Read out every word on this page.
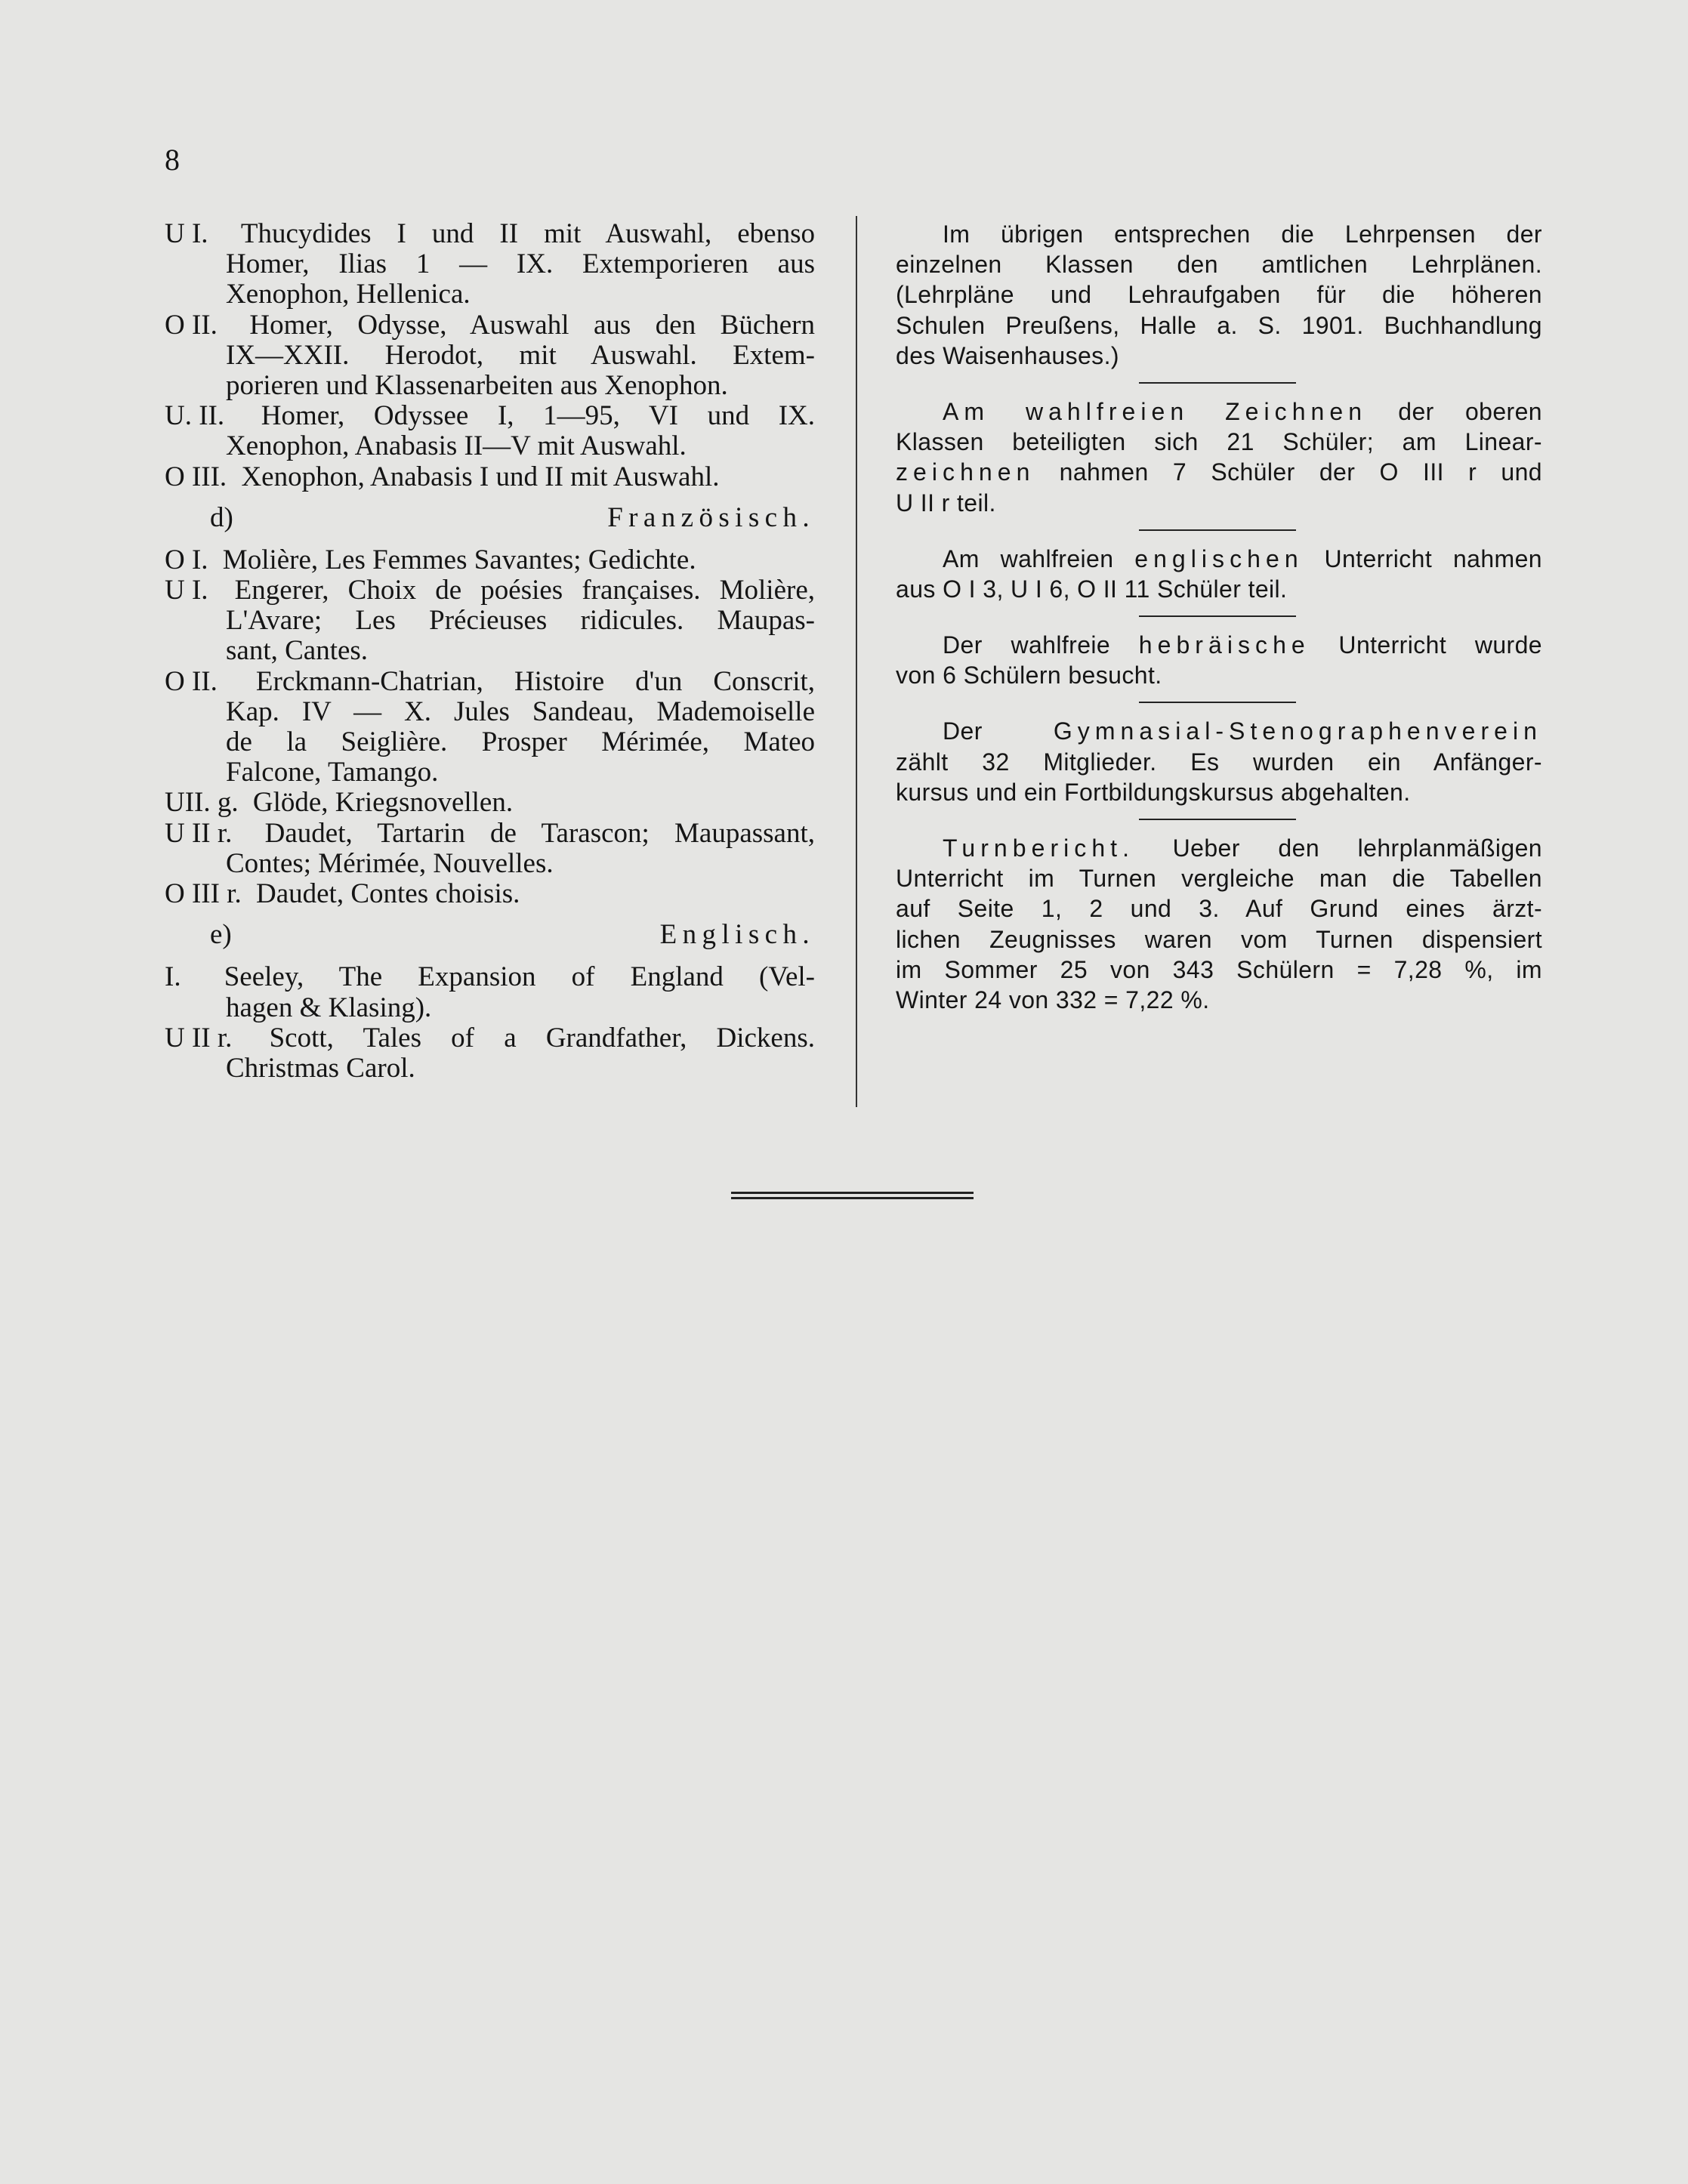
8
U I. Thucydides I und II mit Auswahl, ebenso
Homer, Ilias 1 — IX. Extemporieren aus
Xenophon, Hellenica.
O II. Homer, Odysse, Auswahl aus den Büchern
IX—XXII. Herodot, mit Auswahl. Extem-
porieren und Klassenarbeiten aus Xenophon.
U. II. Homer, Odyssee I, 1—95, VI und IX.
Xenophon, Anabasis II—V mit Auswahl.
O III. Xenophon, Anabasis I und II mit Auswahl.
d)	Französisch.
O I. Molière, Les Femmes Savantes; Gedichte.
U I. Engerer, Choix de poésies françaises. Molière,
L'Avare; Les Précieuses ridicules. Maupas-
sant, Cantes.
O II. Erckmann-Chatrian, Histoire d'un Conscrit,
Kap. IV — X. Jules Sandeau, Mademoiselle
de la Seiglière. Prosper Mérimée, Mateo
Falcone, Tamango.
UII. g. Glöde, Kriegsnovellen.
U II r. Daudet, Tartarin de Tarascon; Maupassant,
Contes; Mérimée, Nouvelles.
O III r. Daudet, Contes choisis.
e)	Englisch.
I. Seeley, The Expansion of England (Vel-
hagen & Klasing).
U II r. Scott, Tales of a Grandfather, Dickens.
Christmas Carol.
Im übrigen entsprechen die Lehrpensen der
einzelnen Klassen den amtlichen Lehrplänen.
(Lehrpläne und Lehraufgaben für die höheren
Schulen Preußens, Halle a. S. 1901. Buchhandlung
des Waisenhauses.)
Am wahlfreien Zeichnen der oberen
Klassen beteiligten sich 21 Schüler; am Linear-
zeichnen nahmen 7 Schüler der O III r und
U II r teil.
Am wahlfreien englischen Unterricht nahmen
aus O I 3, U I 6, O II 11 Schüler teil.
Der wahlfreie hebräische Unterricht wurde
von 6 Schülern besucht.
Der Gymnasial-Stenographenverein
zählt 32 Mitglieder. Es wurden ein Anfänger-
kursus und ein Fortbildungskursus abgehalten.
Turnbericht. Ueber den lehrplanmäßigen
Unterricht im Turnen vergleiche man die Tabellen
auf Seite 1, 2 und 3. Auf Grund eines ärzt-
lichen Zeugnisses waren vom Turnen dispensiert
im Sommer 25 von 343 Schülern = 7,28 %, im
Winter 24 von 332 = 7,22 %.
